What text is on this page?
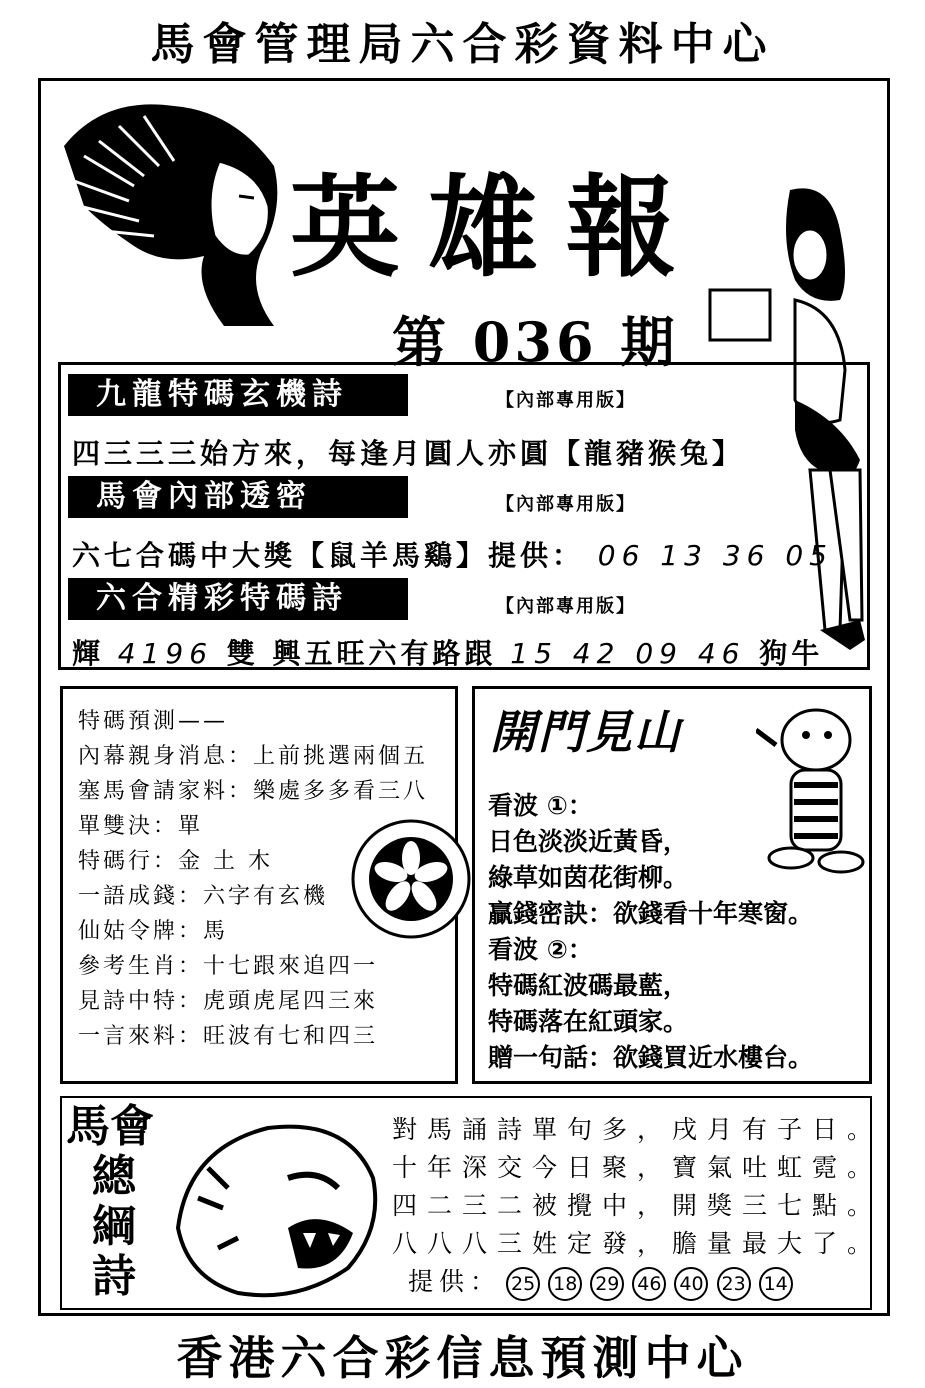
馬會管理局六合彩資料中心
英雄報
第 036 期
九龍特碼玄機詩	【內部專用版】
四三三三始方來，每逢月圓人亦圓【龍豬猴兔】
馬會內部透密	【內部專用版】
六七合碼中大獎【鼠羊馬鷄】提供： 06 13 36 05
六合精彩特碼詩	【內部專用版】
輝 4196 雙 興五旺六有路跟 15 42 09 46 狗牛
特碼預測——
內幕親身消息：上前挑選兩個五
塞馬會請家料：樂處多多看三八
單雙決：單
特碼行：金 土 木
一語成錢：六字有玄機
仙姑令牌：馬
參考生肖：十七跟來追四一
見詩中特：虎頭虎尾四三來
一言來料：旺波有七和四三
開門見山
看波 ①：
日色淡淡近黃昏，
綠草如茵花街柳。
贏錢密訣：欲錢看十年寒窗。
看波 ②：
特碼紅波碼最藍，
特碼落在紅頭家。
贈一句話：欲錢買近水樓台。
馬會
總
綱
詩
對馬誦詩單句多，戌月有子日。
十年深交今日聚，寶氣吐虹霓。
四二三二被攪中，開獎三七點。
八八八三姓定發，膽量最大了。
提供： 25 18 29 46 40 23 14
香港六合彩信息預測中心
